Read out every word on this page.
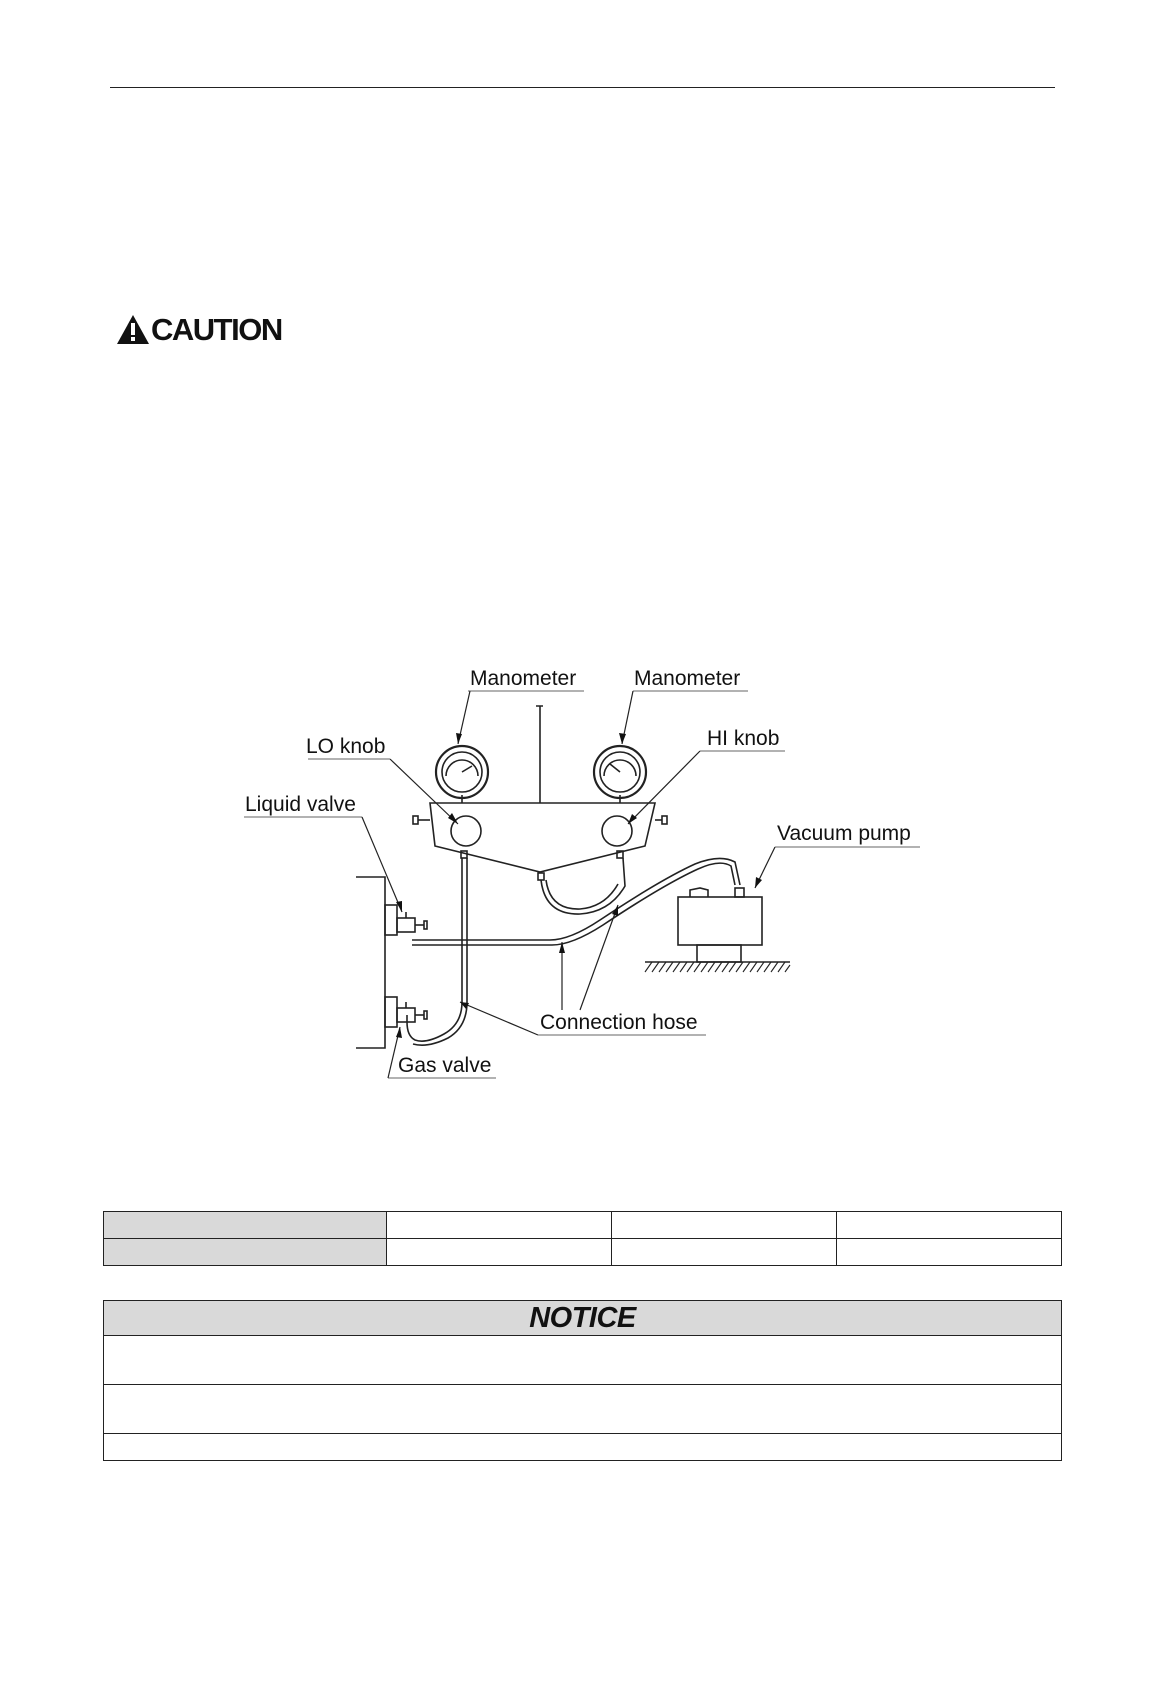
CAUTION
Manometer	Manometer
LO knob	HI knob
Liquid valve
Vacuum pump
Connection hose
Gas valve

NOTICE
